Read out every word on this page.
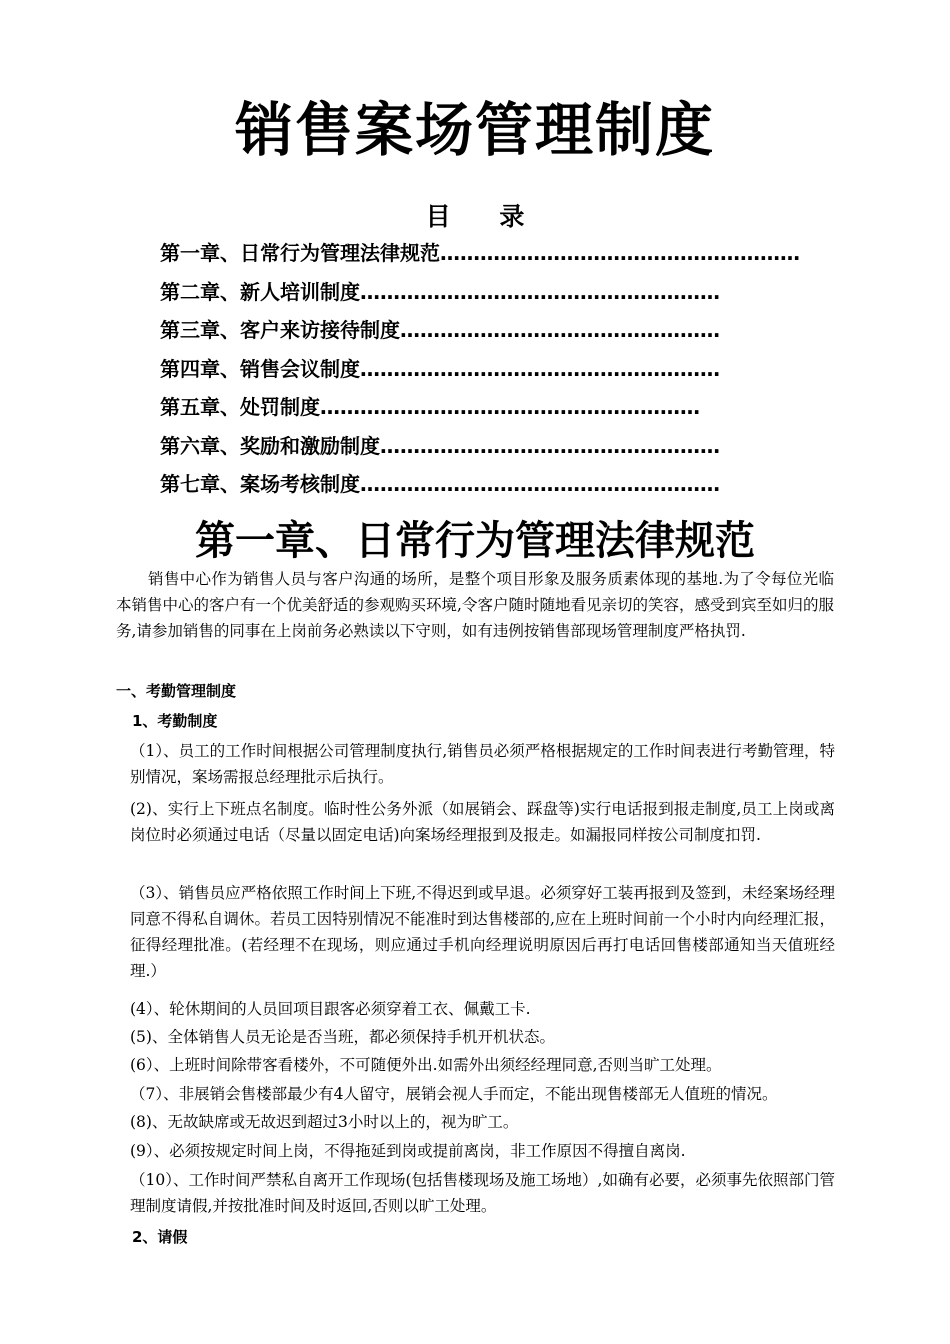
销售案场管理制度
目 录
第一章、日常行为管理法律规范………………………………………………
第二章、新人培训制度………………………………………………
第三章、客户来访接待制度…………………………………………
第四章、销售会议制度………………………………………………
第五章、处罚制度…………………………………………………
第六章、奖励和激励制度……………………………………………
第七章、案场考核制度………………………………………………
第一章、日常行为管理法律规范

销售中心作为销售人员与客户沟通的场所，是整个项目形象及服务质素体现的基地.为了令每位光临本销售中心的客户有一个优美舒适的参观购买环境,令客户随时随地看见亲切的笑容，感受到宾至如归的服务,请参加销售的同事在上岗前务必熟读以下守则，如有违例按销售部现场管理制度严格执罚.

一、考勤管理制度

1、考勤制度

（1）、员工的工作时间根据公司管理制度执行,销售员必须严格根据规定的工作时间表进行考勤管理，特别情况，案场需报总经理批示后执行。

(2)、实行上下班点名制度。临时性公务外派（如展销会、踩盘等)实行电话报到报走制度,员工上岗或离岗位时必须通过电话（尽量以固定电话)向案场经理报到及报走。如漏报同样按公司制度扣罚.

（3）、销售员应严格依照工作时间上下班,不得迟到或早退。必须穿好工装再报到及签到，未经案场经理同意不得私自调休。若员工因特别情况不能准时到达售楼部的,应在上班时间前一个小时内向经理汇报，征得经理批准。(若经理不在现场，则应通过手机向经理说明原因后再打电话回售楼部通知当天值班经理.）

(4）、轮休期间的人员回项目跟客必须穿着工衣、佩戴工卡.

(5)、全体销售人员无论是否当班，都必须保持手机开机状态。

(6）、上班时间除带客看楼外，不可随便外出.如需外出须经经理同意,否则当旷工处理。

（7）、非展销会售楼部最少有4人留守，展销会视人手而定，不能出现售楼部无人值班的情况。

(8)、无故缺席或无故迟到超过3小时以上的，视为旷工。

(9）、必须按规定时间上岗，不得拖延到岗或提前离岗，非工作原因不得擅自离岗.

（10）、工作时间严禁私自离开工作现场(包括售楼现场及施工场地）,如确有必要，必须事先依照部门管理制度请假,并按批准时间及时返回,否则以旷工处理。

2、请假
